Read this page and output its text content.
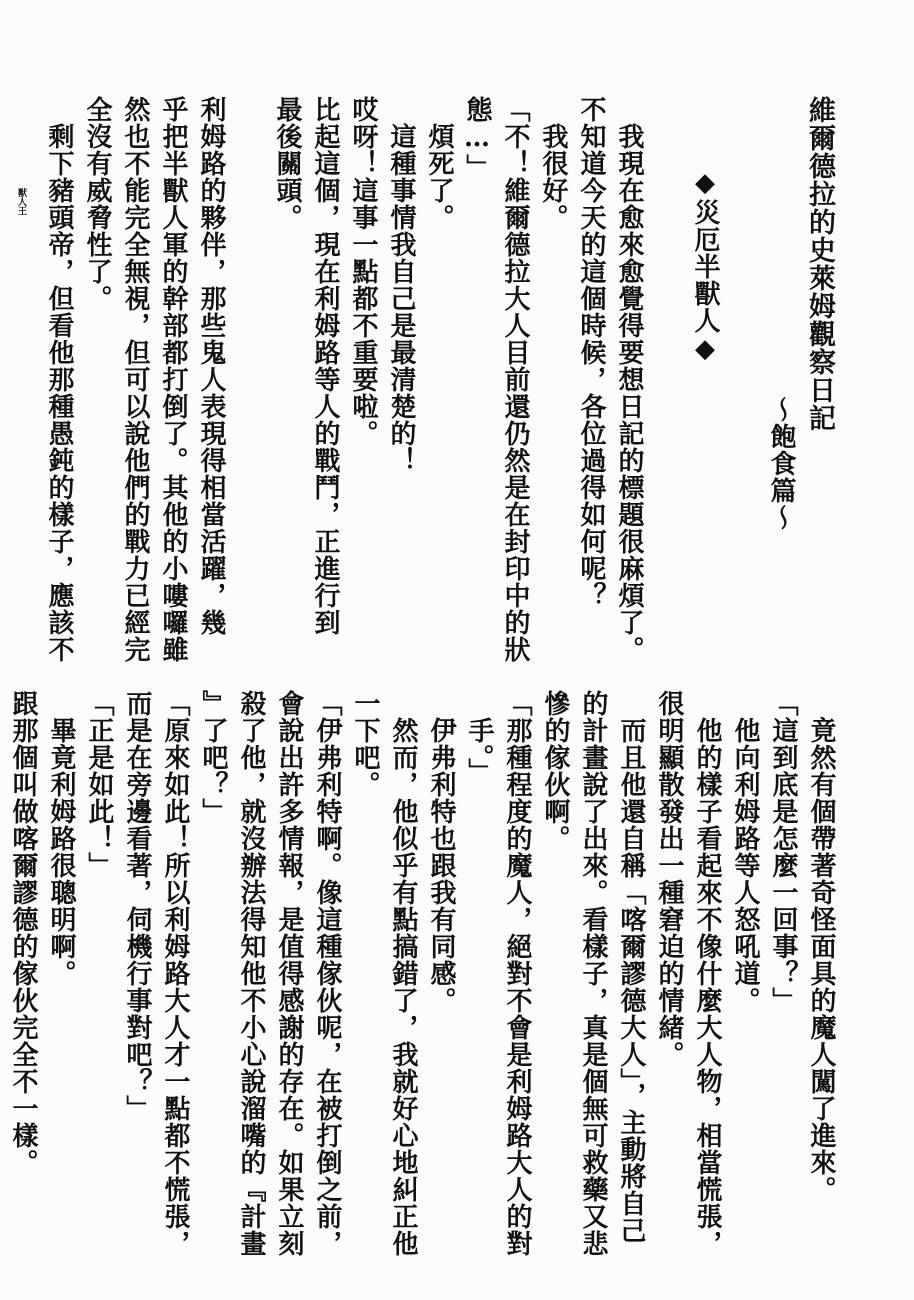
維爾德拉的史萊姆觀察日記
～飽食篇～
◆災厄半獸人◆
我現在愈來愈覺得要想日記的標題很麻煩了。
不知道今天的這個時候，各位過得如何呢？
我很好。
「不！維爾德拉大人目前還仍然是在封印中的狀
態…」
煩死了。
這種事情我自己是最清楚的！
哎呀！這事一點都不重要啦。
比起這個，現在利姆路等人的戰鬥，正進行到
最後關頭。
利姆路的夥伴，那些鬼人表現得相當活躍，幾
乎把半獸人軍的幹部都打倒了。其他的小嘍囉雖
然也不能完全無視，但可以說他們的戰力已經完
全沒有威脅性了。
剩下豬頭帝，但看他那種愚鈍的樣子，應該不
獸人王
竟然有個帶著奇怪面具的魔人闖了進來。
「這到底是怎麼一回事？」
他向利姆路等人怒吼道。
他的樣子看起來不像什麼大人物，相當慌張，
很明顯散發出一種窘迫的情緒。
而且他還自稱「喀爾謬德大人」，主動將自己
的計畫說了出來。看樣子，真是個無可救藥又悲
慘的傢伙啊。
「那種程度的魔人，絕對不會是利姆路大人的對
手。」
伊弗利特也跟我有同感。
然而，他似乎有點搞錯了，我就好心地糾正他
一下吧。
「伊弗利特啊。像這種傢伙呢，在被打倒之前，
會說出許多情報，是值得感謝的存在。如果立刻
殺了他，就沒辦法得知他不小心說溜嘴的『計畫
』了吧？」
「原來如此！所以利姆路大人才一點都不慌張，
而是在旁邊看著，伺機行事對吧？」
「正是如此！」
畢竟利姆路很聰明啊。
跟那個叫做喀爾謬德的傢伙完全不一樣。
